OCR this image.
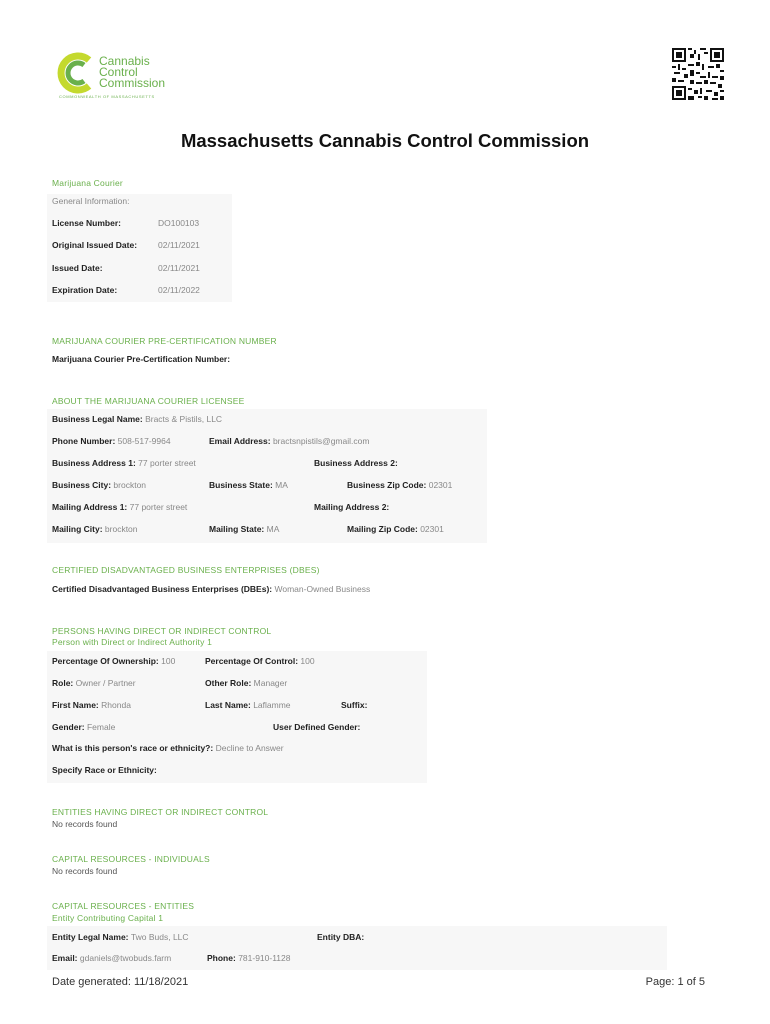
Cannabis
Control
Commission
COMMONWEALTH OF MASSACHUSETTS
Massachusetts Cannabis Control Commission
Marijuana Courier
General Information:
License Number:	DO100103
Original Issued Date: 02/11/2021
Issued Date:	02/11/2021
Expiration Date:	02/11/2022
MARIJUANA COURIER PRE-CERTIFICATION NUMBER
Marijuana Courier Pre-Certification Number:
ABOUT THE MARIJUANA COURIER LICENSEE
Business Legal Name: Bracts & Pistils, LLC
Phone Number: 508-517-9964	Email Address: bractsnpistils@gmail.com
Business Address 1: 77 porter street	Business Address 2:
Business City: brockton	Business State: MA	Business Zip Code: 02301
Mailing Address 1: 77 porter street	Mailing Address 2:
Mailing City: brockton	Mailing State: MA	Mailing Zip Code: 02301
CERTIFIED DISADVANTAGED BUSINESS ENTERPRISES (DBES)
Certified Disadvantaged Business Enterprises (DBEs): Woman-Owned Business
PERSONS HAVING DIRECT OR INDIRECT CONTROL
Person with Direct or Indirect Authority 1
Percentage Of Ownership: 100	Percentage Of Control: 100
Role: Owner / Partner	Other Role: Manager
First Name: Rhonda	Last Name: Laflamme	Suffix:
Gender: Female	User Defined Gender:
What is this person's race or ethnicity?: Decline to Answer
Specify Race or Ethnicity:
ENTITIES HAVING DIRECT OR INDIRECT CONTROL
No records found
CAPITAL RESOURCES - INDIVIDUALS
No records found
CAPITAL RESOURCES - ENTITIES
Entity Contributing Capital 1
Entity Legal Name: Two Buds, LLC	Entity DBA:
Email: gdaniels@twobuds.farm	Phone: 781-910-1128
Date generated: 11/18/2021	Page: 1 of 5
